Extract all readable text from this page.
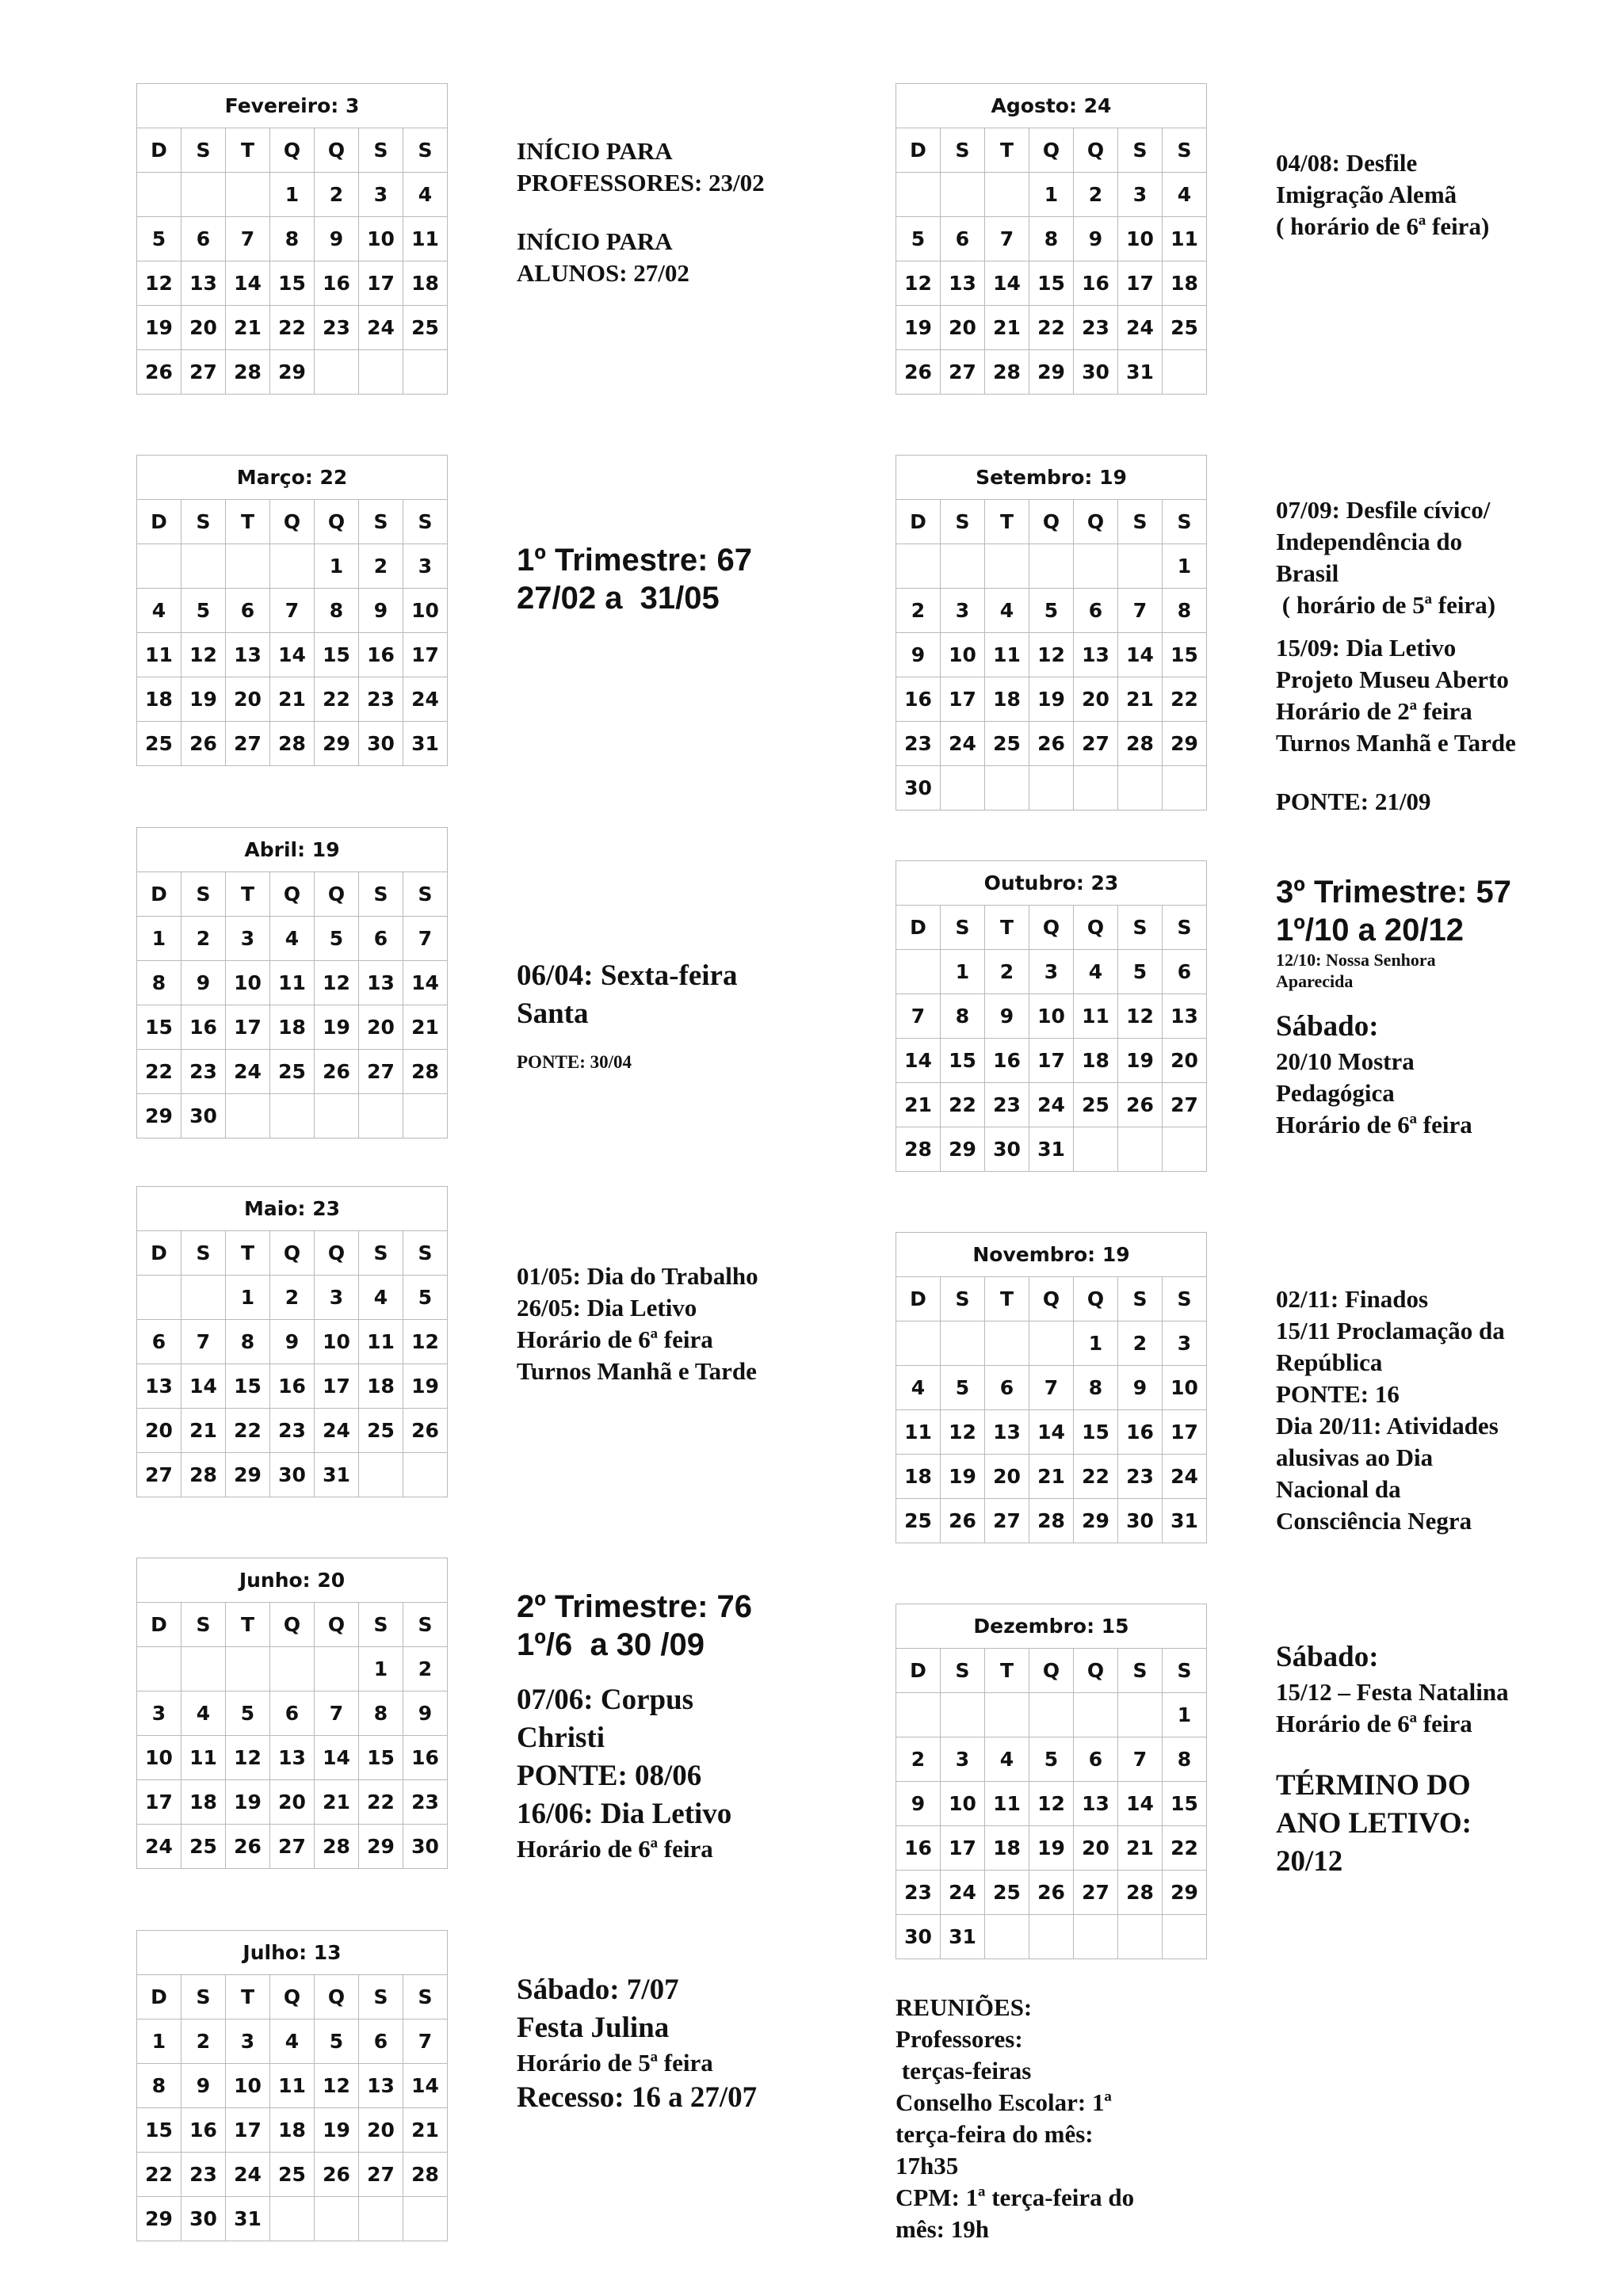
Fevereiro: 3						
D	S	T	Q	Q	S	S
			1	2	3	4
5	6	7	8	9	10	11
12	13	14	15	16	17	18
19	20	21	22	23	24	25
26	27	28	29			
Março: 22						
D	S	T	Q	Q	S	S
				1	2	3
4	5	6	7	8	9	10
11	12	13	14	15	16	17
18	19	20	21	22	23	24
25	26	27	28	29	30	31
Abril: 19						
D	S	T	Q	Q	S	S
1	2	3	4	5	6	7
8	9	10	11	12	13	14
15	16	17	18	19	20	21
22	23	24	25	26	27	28
29	30					
Maio: 23						
D	S	T	Q	Q	S	S
		1	2	3	4	5
6	7	8	9	10	11	12
13	14	15	16	17	18	19
20	21	22	23	24	25	26
27	28	29	30	31		
Junho: 20						
D	S	T	Q	Q	S	S
					1	2
3	4	5	6	7	8	9
10	11	12	13	14	15	16
17	18	19	20	21	22	23
24	25	26	27	28	29	30
Julho: 13						
D	S	T	Q	Q	S	S
1	2	3	4	5	6	7
8	9	10	11	12	13	14
15	16	17	18	19	20	21
22	23	24	25	26	27	28
29	30	31				
Agosto: 24						
D	S	T	Q	Q	S	S
			1	2	3	4
5	6	7	8	9	10	11
12	13	14	15	16	17	18
19	20	21	22	23	24	25
26	27	28	29	30	31	
Setembro: 19						
D	S	T	Q	Q	S	S
						1
2	3	4	5	6	7	8
9	10	11	12	13	14	15
16	17	18	19	20	21	22
23	24	25	26	27	28	29
30						
Outubro: 23						
D	S	T	Q	Q	S	S
	1	2	3	4	5	6
7	8	9	10	11	12	13
14	15	16	17	18	19	20
21	22	23	24	25	26	27
28	29	30	31			
Novembro: 19						
D	S	T	Q	Q	S	S
				1	2	3
4	5	6	7	8	9	10
11	12	13	14	15	16	17
18	19	20	21	22	23	24
25	26	27	28	29	30	31
Dezembro: 15						
D	S	T	Q	Q	S	S
						1
2	3	4	5	6	7	8
9	10	11	12	13	14	15
16	17	18	19	20	21	22
23	24	25	26	27	28	29
30	31					
INÍCIO PARA
PROFESSORES: 23/02
INÍCIO PARA
ALUNOS: 27/02
1º Trimestre: 67
27/02 a  31/05
06/04: Sexta-feira
Santa
PONTE: 30/04
01/05: Dia do Trabalho
26/05: Dia Letivo
Horário de 6ª feira
Turnos Manhã e Tarde
2º Trimestre: 76
1º/6  a 30 /09
07/06: Corpus
Christi
PONTE: 08/06
16/06: Dia Letivo
Horário de 6ª feira
Sábado: 7/07
Festa Julina
Horário de 5ª feira
Recesso: 16 a 27/07
04/08: Desfile
Imigração Alemã
( horário de 6ª feira)
07/09: Desfile cívico/
Independência do
Brasil
( horário de 5ª feira)
15/09: Dia Letivo
Projeto Museu Aberto
Horário de 2ª feira
Turnos Manhã e Tarde
PONTE: 21/09
3º Trimestre: 57
1º/10 a 20/12
12/10: Nossa Senhora
Aparecida
Sábado:
20/10 Mostra
Pedagógica
Horário de 6ª feira
02/11: Finados
15/11 Proclamação da
República
PONTE: 16
Dia 20/11: Atividades
alusivas ao Dia
Nacional da
Consciência Negra
Sábado:
15/12 – Festa Natalina
Horário de 6ª feira
TÉRMINO DO
ANO LETIVO:
20/12
REUNIÕES:
Professores:
terças-feiras
Conselho Escolar: 1ª
terça-feira do mês:
17h35
CPM: 1ª terça-feira do
mês: 19h
